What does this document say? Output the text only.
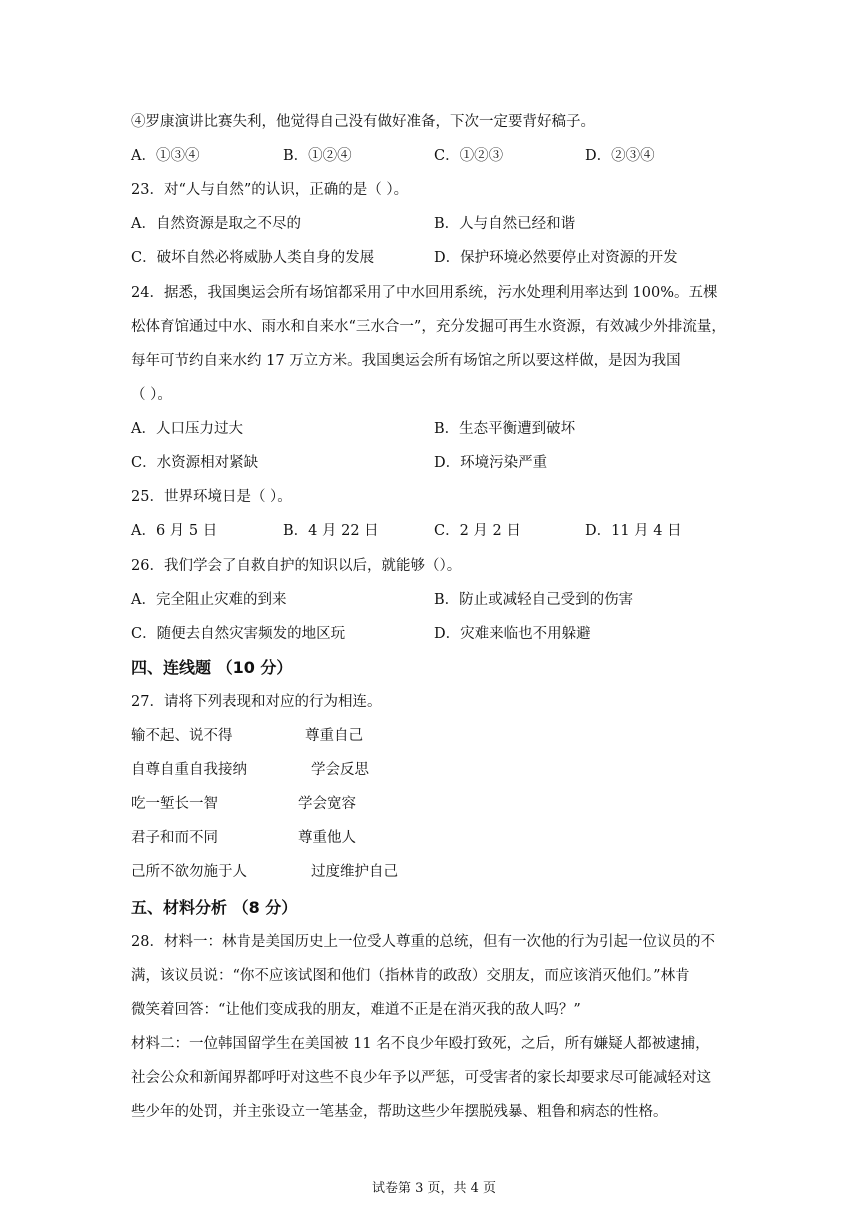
④罗康演讲比赛失利，他觉得自己没有做好准备，下次一定要背好稿子。
A．①③④	B．①②④	C．①②③	D．②③④
23．对“人与自然”的认识，正确的是（ ）。
A．自然资源是取之不尽的	B．人与自然已经和谐
C．破坏自然必将威胁人类自身的发展	D．保护环境必然要停止对资源的开发
24．据悉，我国奥运会所有场馆都采用了中水回用系统，污水处理利用率达到 100%。五棵
松体育馆通过中水、雨水和自来水“三水合一”，充分发掘可再生水资源，有效减少外排流量，
每年可节约自来水约 17 万立方米。我国奥运会所有场馆之所以要这样做，是因为我国
（ ）。
A．人口压力过大	B．生态平衡遭到破坏
C．水资源相对紧缺	D．环境污染严重
25．世界环境日是（ ）。
A．6 月 5 日	B．4 月 22 日	C．2 月 2 日	D．11 月 4 日
26．我们学会了自救自护的知识以后，就能够（）。
A．完全阻止灾难的到来	B．防止或减轻自己受到的伤害
C．随便去自然灾害频发的地区玩	D．灾难来临也不用躲避
四、连线题 （10 分）
27．请将下列表现和对应的行为相连。
输不起、说不得	尊重自己
自尊自重自我接纳	学会反思
吃一堑长一智	学会宽容
君子和而不同	尊重他人
己所不欲勿施于人	过度维护自己
五、材料分析 （8 分）
28．材料一：林肯是美国历史上一位受人尊重的总统，但有一次他的行为引起一位议员的不
满，该议员说：“你不应该试图和他们（指林肯的政敌）交朋友，而应该消灭他们。”林肯
微笑着回答：“让他们变成我的朋友，难道不正是在消灭我的敌人吗？”
材料二：一位韩国留学生在美国被 11 名不良少年殴打致死，之后，所有嫌疑人都被逮捕，
社会公众和新闻界都呼吁对这些不良少年予以严惩，可受害者的家长却要求尽可能减轻对这
些少年的处罚，并主张设立一笔基金，帮助这些少年摆脱残暴、粗鲁和病态的性格。
试卷第 3 页，共 4 页
